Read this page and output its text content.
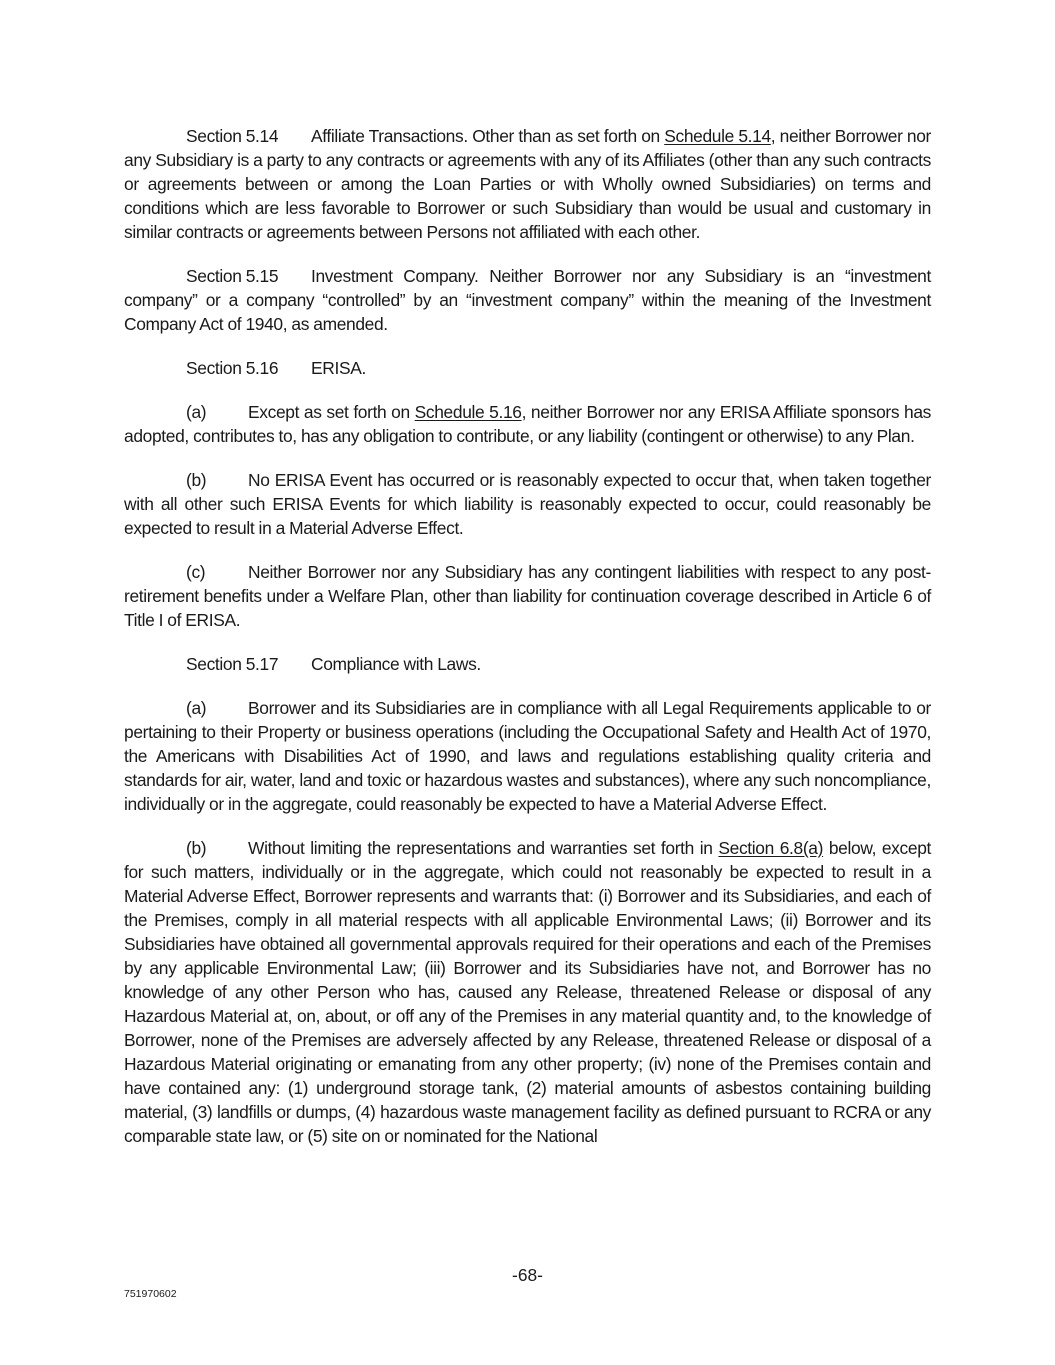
Section 5.14 Affiliate Transactions. Other than as set forth on Schedule 5.14, neither Borrower nor any Subsidiary is a party to any contracts or agreements with any of its Affiliates (other than any such contracts or agreements between or among the Loan Parties or with Wholly owned Subsidiaries) on terms and conditions which are less favorable to Borrower or such Subsidiary than would be usual and customary in similar contracts or agreements between Persons not affiliated with each other.

Section 5.15 Investment Company. Neither Borrower nor any Subsidiary is an “investment company” or a company “controlled” by an “investment company” within the meaning of the Investment Company Act of 1940, as amended.

Section 5.16 ERISA.

(a) Except as set forth on Schedule 5.16, neither Borrower nor any ERISA Affiliate sponsors has adopted, contributes to, has any obligation to contribute, or any liability (contingent or otherwise) to any Plan.

(b) No ERISA Event has occurred or is reasonably expected to occur that, when taken together with all other such ERISA Events for which liability is reasonably expected to occur, could reasonably be expected to result in a Material Adverse Effect.

(c) Neither Borrower nor any Subsidiary has any contingent liabilities with respect to any post-retirement benefits under a Welfare Plan, other than liability for continuation coverage described in Article 6 of Title I of ERISA.

Section 5.17 Compliance with Laws.

(a) Borrower and its Subsidiaries are in compliance with all Legal Requirements applicable to or pertaining to their Property or business operations (including the Occupational Safety and Health Act of 1970, the Americans with Disabilities Act of 1990, and laws and regulations establishing quality criteria and standards for air, water, land and toxic or hazardous wastes and substances), where any such noncompliance, individually or in the aggregate, could reasonably be expected to have a Material Adverse Effect.

(b) Without limiting the representations and warranties set forth in Section 6.8(a) below, except for such matters, individually or in the aggregate, which could not reasonably be expected to result in a Material Adverse Effect, Borrower represents and warrants that: (i) Borrower and its Subsidiaries, and each of the Premises, comply in all material respects with all applicable Environmental Laws; (ii) Borrower and its Subsidiaries have obtained all governmental approvals required for their operations and each of the Premises by any applicable Environmental Law; (iii) Borrower and its Subsidiaries have not, and Borrower has no knowledge of any other Person who has, caused any Release, threatened Release or disposal of any Hazardous Material at, on, about, or off any of the Premises in any material quantity and, to the knowledge of Borrower, none of the Premises are adversely affected by any Release, threatened Release or disposal of a Hazardous Material originating or emanating from any other property; (iv) none of the Premises contain and have contained any: (1) underground storage tank, (2) material amounts of asbestos containing building material, (3) landfills or dumps, (4) hazardous waste management facility as defined pursuant to RCRA or any comparable state law, or (5) site on or nominated for the National

-68-
751970602
